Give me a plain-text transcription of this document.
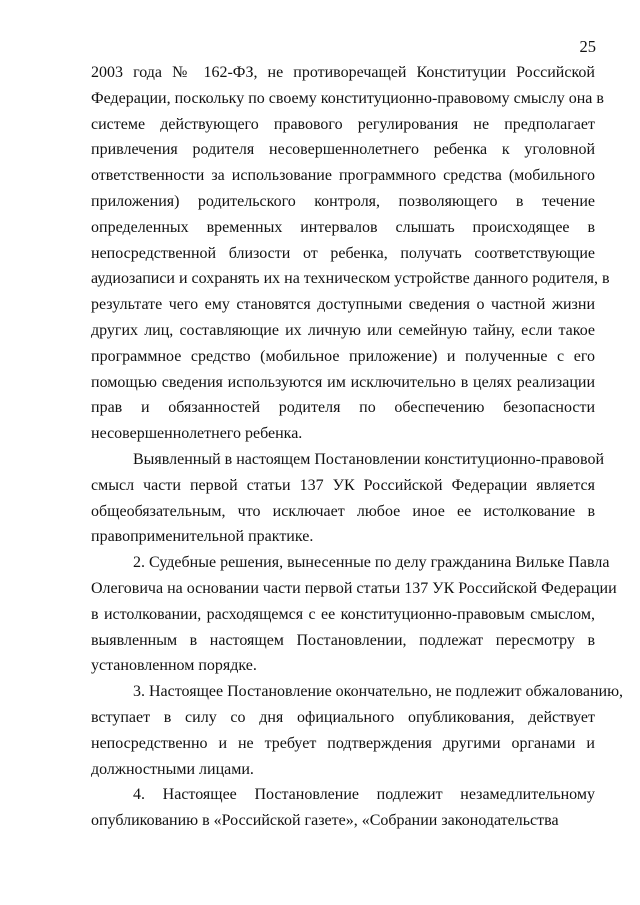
25

2003 года № 162-ФЗ, не противоречащей Конституции Российской
Федерации, поскольку по своему конституционно-правовому смыслу она в
системе действующего правового регулирования не предполагает
привлечения родителя несовершеннолетнего ребенка к уголовной
ответственности за использование программного средства (мобильного
приложения) родительского контроля, позволяющего в течение
определенных временных интервалов слышать происходящее в
непосредственной близости от ребенка, получать соответствующие
аудиозаписи и сохранять их на техническом устройстве данного родителя, в
результате чего ему становятся доступными сведения о частной жизни
других лиц, составляющие их личную или семейную тайну, если такое
программное средство (мобильное приложение) и полученные с его
помощью сведения используются им исключительно в целях реализации
прав и обязанностей родителя по обеспечению безопасности
несовершеннолетнего ребенка.

Выявленный в настоящем Постановлении конституционно-правовой
смысл части первой статьи 137 УК Российской Федерации является
общеобязательным, что исключает любое иное ее истолкование в
правоприменительной практике.

2. Судебные решения, вынесенные по делу гражданина Вильке Павла
Олеговича на основании части первой статьи 137 УК Российской Федерации
в истолковании, расходящемся с ее конституционно-правовым смыслом,
выявленным в настоящем Постановлении, подлежат пересмотру в
установленном порядке.

3. Настоящее Постановление окончательно, не подлежит обжалованию,
вступает в силу со дня официального опубликования, действует
непосредственно и не требует подтверждения другими органами и
должностными лицами.

4. Настоящее Постановление подлежит незамедлительному
опубликованию в «Российской газете», «Собрании законодательства
